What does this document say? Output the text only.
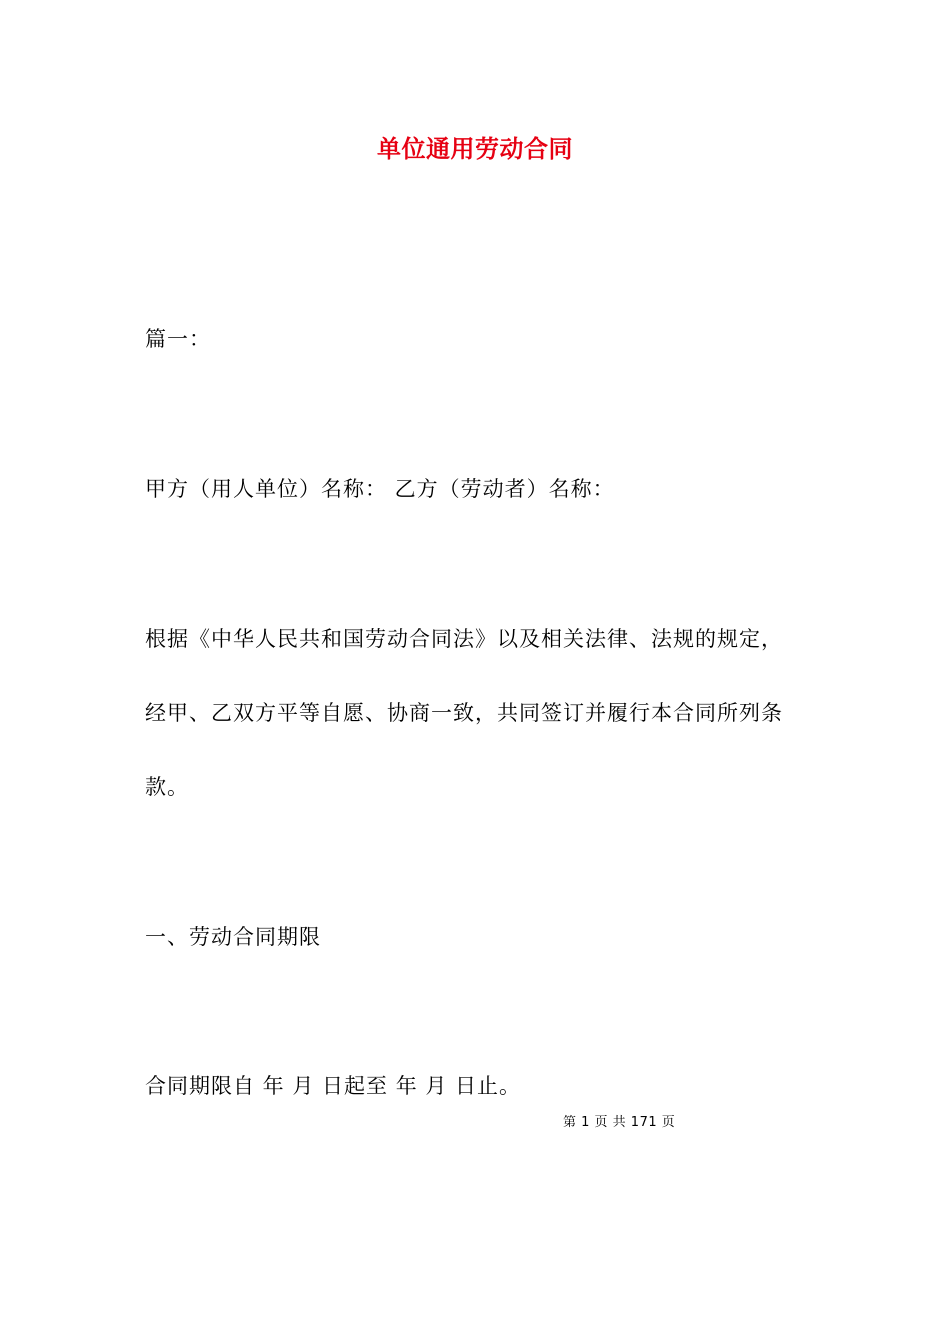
单位通用劳动合同
篇一：
甲方（用人单位）名称： 乙方（劳动者）名称：
根据《中华人民共和国劳动合同法》以及相关法律、法规的规定，
经甲、乙双方平等自愿、协商一致，共同签订并履行本合同所列条
款。
一、劳动合同期限
合同期限自 年 月 日起至 年 月 日止。
第 1 页 共 171 页
